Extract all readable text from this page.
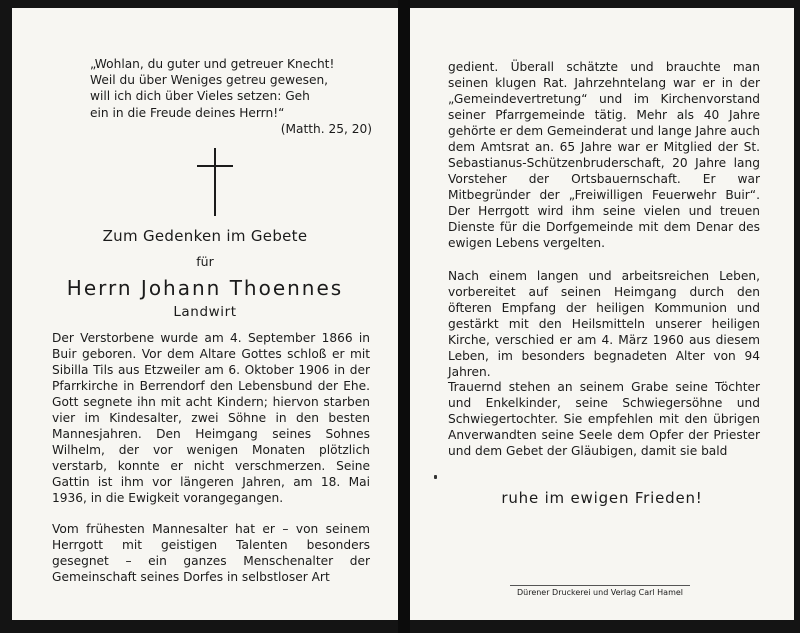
„Wohlan, du guter und getreuer Knecht!
Weil du über Weniges getreu gewesen,
will ich dich über Vieles setzen: Geh
ein in die Freude deines Herrn!“
(Matth. 25, 20)
Zum Gedenken im Gebete
für
Herrn Johann Thoennes
Landwirt
Der Verstorbene wurde am 4. September 1866 in Buir geboren. Vor dem Altare Gottes schloß er mit Sibilla Tils aus Etzweiler am 6. Oktober 1906 in der Pfarrkirche in Berrendorf den Lebensbund der Ehe. Gott segnete ihn mit acht Kindern; hiervon starben vier im Kindesalter, zwei Söhne in den besten Mannesjahren. Den Heimgang seines Sohnes Wilhelm, der vor wenigen Monaten plötzlich verstarb, konnte er nicht verschmerzen. Seine Gattin ist ihm vor längeren Jahren, am 18. Mai 1936, in die Ewigkeit vorangegangen.
Vom frühesten Mannesalter hat er – von seinem Herrgott mit geistigen Talenten besonders gesegnet – ein ganzes Menschenalter der Gemeinschaft seines Dorfes in selbstloser Art
gedient. Überall schätzte und brauchte man seinen klugen Rat. Jahrzehntelang war er in der „Gemeindevertretung“ und im Kirchenvorstand seiner Pfarrgemeinde tätig. Mehr als 40 Jahre gehörte er dem Gemeinderat und lange Jahre auch dem Amtsrat an. 65 Jahre war er Mitglied der St. Sebastianus-Schützenbruderschaft, 20 Jahre lang Vorsteher der Ortsbauernschaft. Er war Mitbegründer der „Freiwilligen Feuerwehr Buir“. Der Herrgott wird ihm seine vielen und treuen Dienste für die Dorfgemeinde mit dem Denar des ewigen Lebens vergelten.
Nach einem langen und arbeitsreichen Leben, vorbereitet auf seinen Heimgang durch den öfteren Empfang der heiligen Kommunion und gestärkt mit den Heilsmitteln unserer heiligen Kirche, verschied er am 4. März 1960 aus diesem Leben, im besonders begnadeten Alter von 94 Jahren.
Trauernd stehen an seinem Grabe seine Töchter und Enkelkinder, seine Schwiegersöhne und Schwiegertochter. Sie empfehlen mit den übrigen Anverwandten seine Seele dem Opfer der Priester und dem Gebet der Gläubigen, damit sie bald
ruhe im ewigen Frieden!
Dürener Druckerei und Verlag Carl Hamel
